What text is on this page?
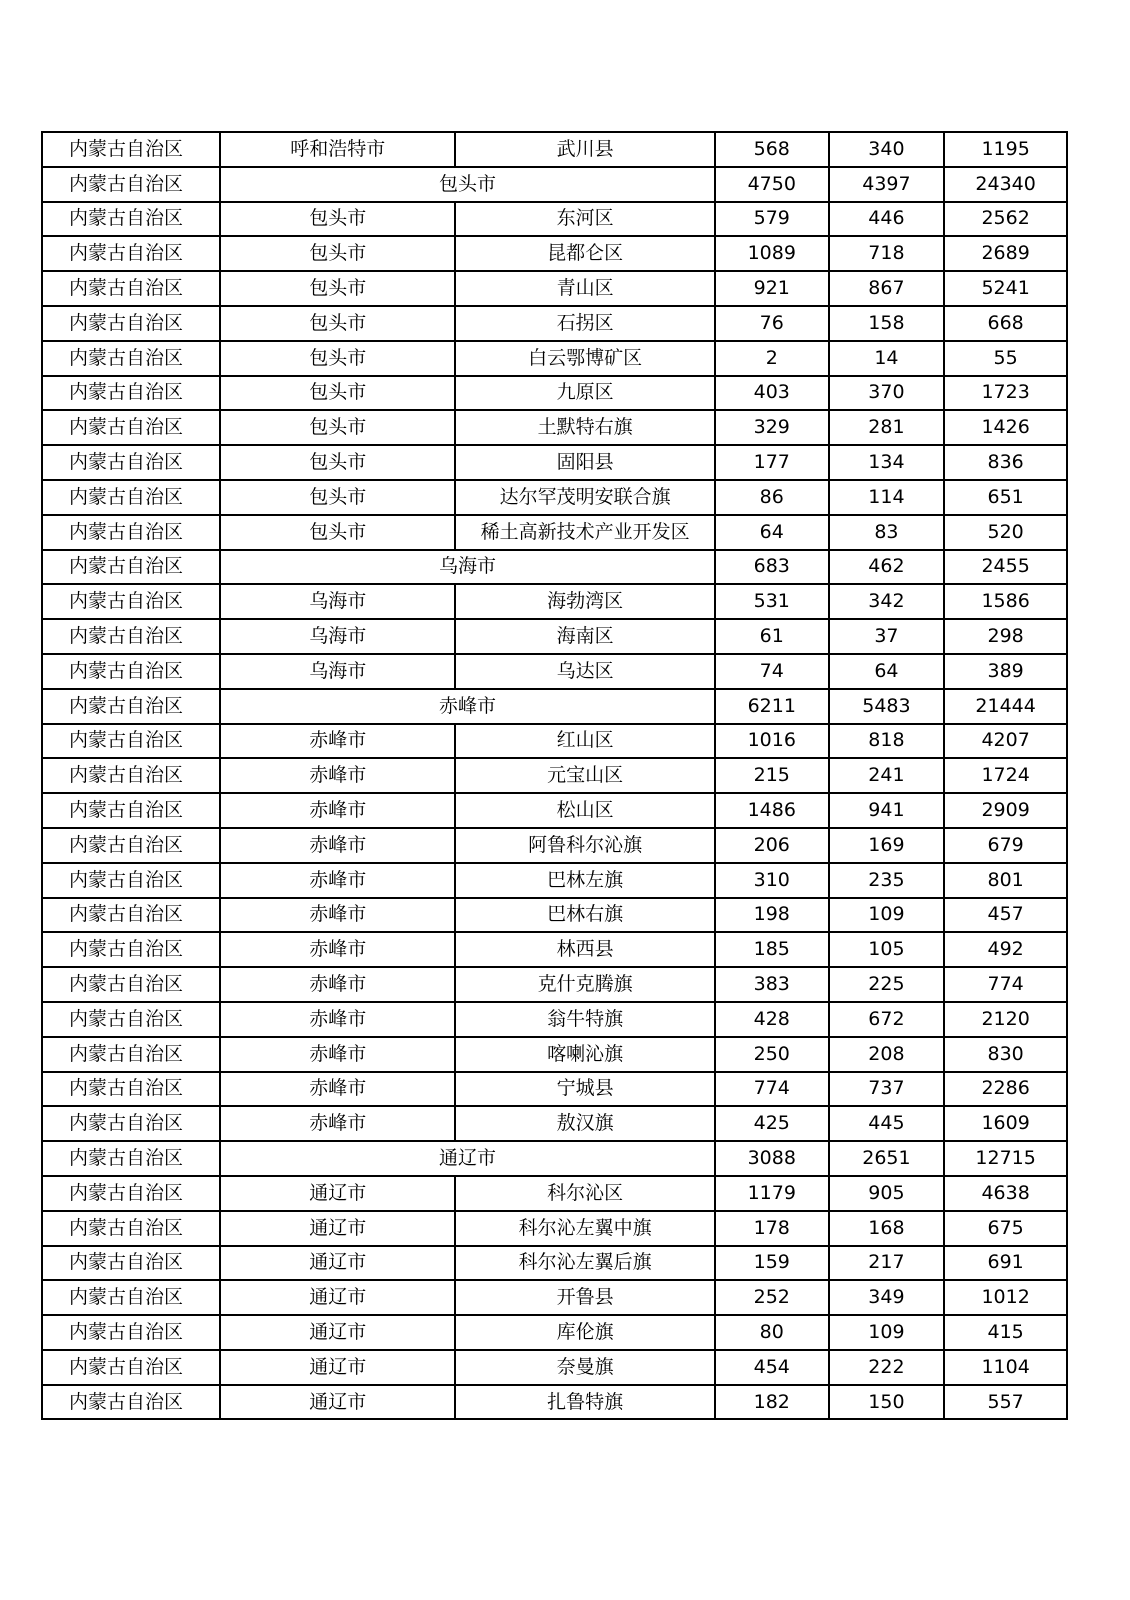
内蒙古自治区	呼和浩特市	武川县	568	340	1195
内蒙古自治区	包头市		4750	4397	24340
内蒙古自治区	包头市	东河区	579	446	2562
内蒙古自治区	包头市	昆都仑区	1089	718	2689
内蒙古自治区	包头市	青山区	921	867	5241
内蒙古自治区	包头市	石拐区	76	158	668
内蒙古自治区	包头市	白云鄂博矿区	2	14	55
内蒙古自治区	包头市	九原区	403	370	1723
内蒙古自治区	包头市	土默特右旗	329	281	1426
内蒙古自治区	包头市	固阳县	177	134	836
内蒙古自治区	包头市	达尔罕茂明安联合旗	86	114	651
内蒙古自治区	包头市	稀土高新技术产业开发区	64	83	520
内蒙古自治区	乌海市		683	462	2455
内蒙古自治区	乌海市	海勃湾区	531	342	1586
内蒙古自治区	乌海市	海南区	61	37	298
内蒙古自治区	乌海市	乌达区	74	64	389
内蒙古自治区	赤峰市		6211	5483	21444
内蒙古自治区	赤峰市	红山区	1016	818	4207
内蒙古自治区	赤峰市	元宝山区	215	241	1724
内蒙古自治区	赤峰市	松山区	1486	941	2909
内蒙古自治区	赤峰市	阿鲁科尔沁旗	206	169	679
内蒙古自治区	赤峰市	巴林左旗	310	235	801
内蒙古自治区	赤峰市	巴林右旗	198	109	457
内蒙古自治区	赤峰市	林西县	185	105	492
内蒙古自治区	赤峰市	克什克腾旗	383	225	774
内蒙古自治区	赤峰市	翁牛特旗	428	672	2120
内蒙古自治区	赤峰市	喀喇沁旗	250	208	830
内蒙古自治区	赤峰市	宁城县	774	737	2286
内蒙古自治区	赤峰市	敖汉旗	425	445	1609
内蒙古自治区	通辽市		3088	2651	12715
内蒙古自治区	通辽市	科尔沁区	1179	905	4638
内蒙古自治区	通辽市	科尔沁左翼中旗	178	168	675
内蒙古自治区	通辽市	科尔沁左翼后旗	159	217	691
内蒙古自治区	通辽市	开鲁县	252	349	1012
内蒙古自治区	通辽市	库伦旗	80	109	415
内蒙古自治区	通辽市	奈曼旗	454	222	1104
内蒙古自治区	通辽市	扎鲁特旗	182	150	557
